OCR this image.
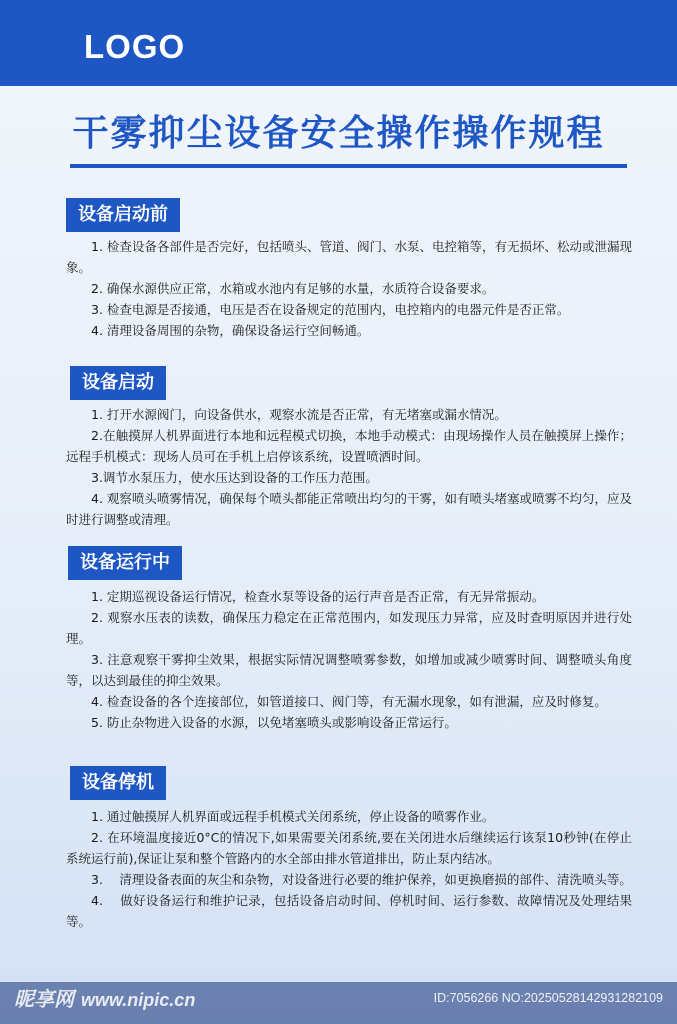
LOGO
干雾抑尘设备安全操作操作规程
设备启动前

1. 检查设备各部件是否完好，包括喷头、管道、阀门、水泵、电控箱等，有无损坏、松动或泄漏现象。

2. 确保水源供应正常，水箱或水池内有足够的水量，水质符合设备要求。

3. 检查电源是否接通，电压是否在设备规定的范围内，电控箱内的电器元件是否正常。

4. 清理设备周围的杂物，确保设备运行空间畅通。

设备启动

1. 打开水源阀门，向设备供水，观察水流是否正常，有无堵塞或漏水情况。

2.在触摸屏人机界面进行本地和远程模式切换，本地手动模式：由现场操作人员在触摸屏上操作；远程手机模式：现场人员可在手机上启停该系统，设置喷洒时间。

3.调节水泵压力，使水压达到设备的工作压力范围。

4. 观察喷头喷雾情况，确保每个喷头都能正常喷出均匀的干雾，如有喷头堵塞或喷雾不均匀，应及时进行调整或清理。

设备运行中

1. 定期巡视设备运行情况，检查水泵等设备的运行声音是否正常，有无异常振动。

2. 观察水压表的读数，确保压力稳定在正常范围内，如发现压力异常，应及时查明原因并进行处理。

3. 注意观察干雾抑尘效果，根据实际情况调整喷雾参数，如增加或减少喷雾时间、调整喷头角度等，以达到最佳的抑尘效果。

4. 检查设备的各个连接部位，如管道接口、阀门等，有无漏水现象，如有泄漏，应及时修复。

5. 防止杂物进入设备的水源，以免堵塞喷头或影响设备正常运行。

设备停机

1. 通过触摸屏人机界面或远程手机模式关闭系统，停止设备的喷雾作业。

2. 在环境温度接近0°C的情况下,如果需要关闭系统,要在关闭进水后继续运行该泵10秒钟(在停止系统运行前),保证让泵和整个管路内的水全部由排水管道排出，防止泵内结冰。

3.　 清理设备表面的灰尘和杂物，对设备进行必要的维护保养，如更换磨损的部件、清洗喷头等。

4.　 做好设备运行和维护记录，包括设备启动时间、停机时间、运行参数、故障情况及处理结果等。

昵享网 www.nipic.cn	ID:7056266 NO:20250528142931282109
